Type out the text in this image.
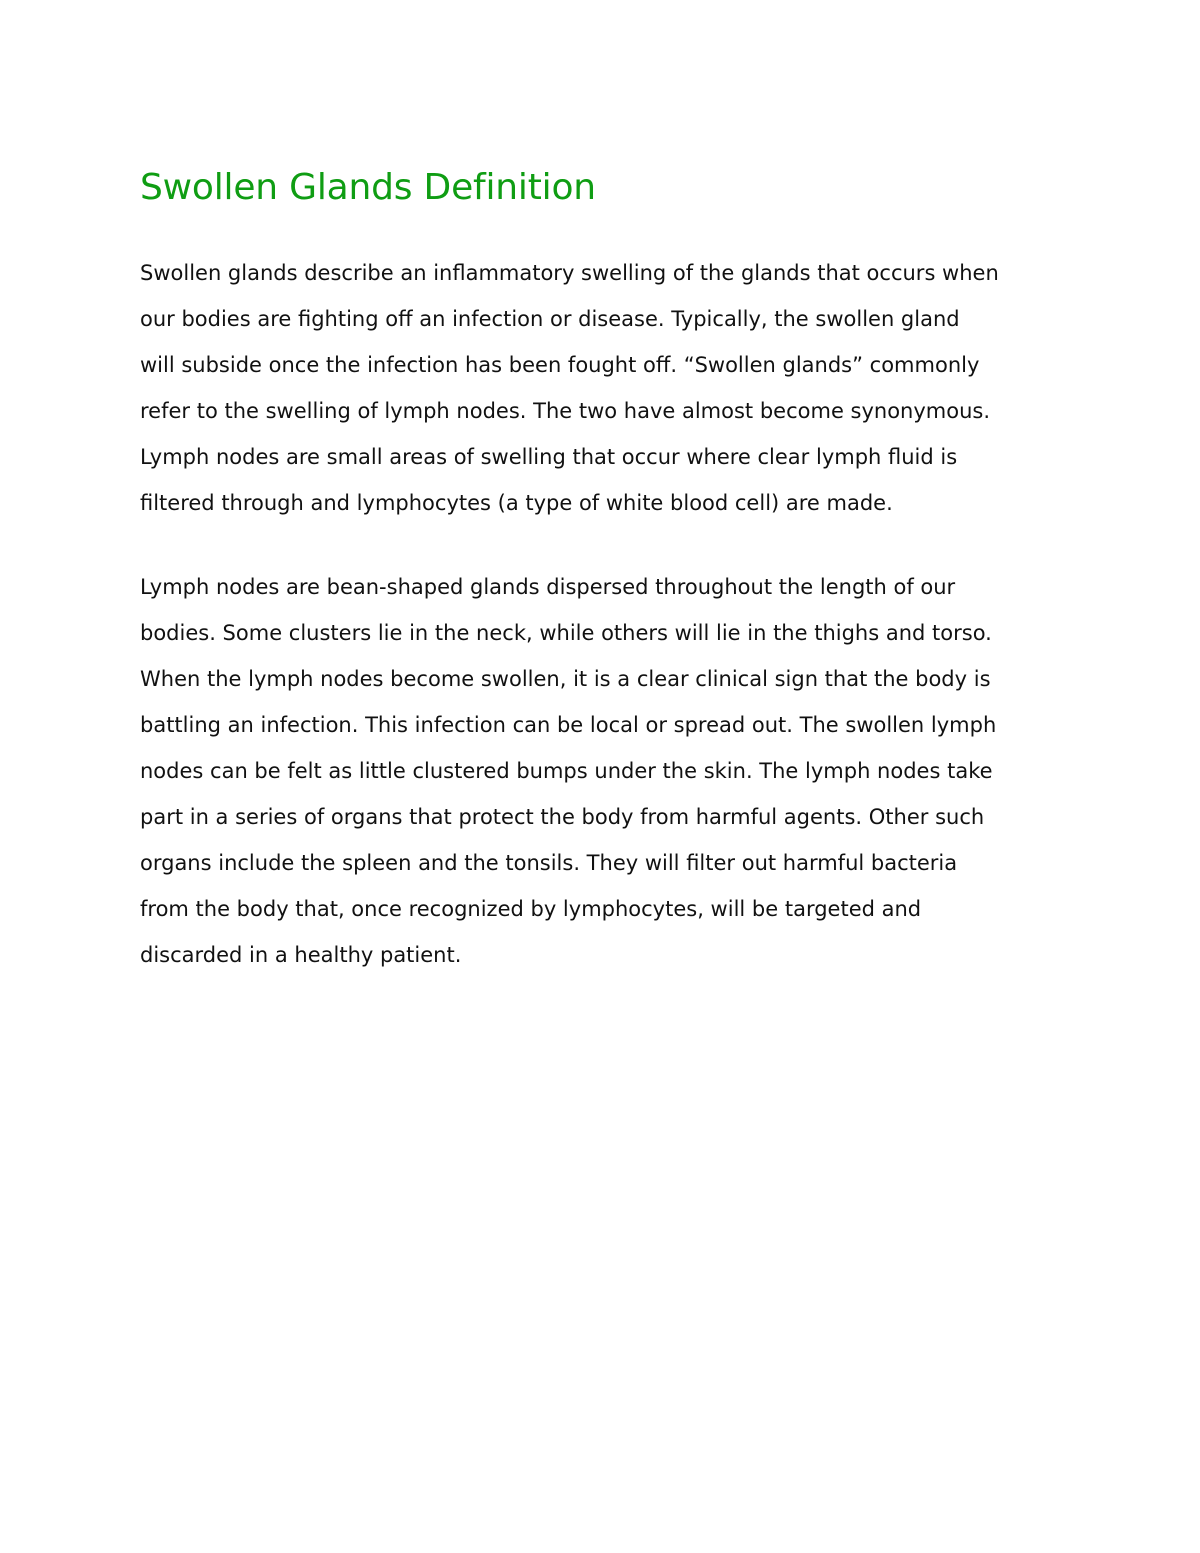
Swollen Glands Definition

Swollen glands describe an inflammatory swelling of the glands that occurs when
our bodies are fighting off an infection or disease. Typically, the swollen gland
will subside once the infection has been fought off. “Swollen glands” commonly
refer to the swelling of lymph nodes. The two have almost become synonymous.
Lymph nodes are small areas of swelling that occur where clear lymph fluid is
filtered through and lymphocytes (a type of white blood cell) are made.

Lymph nodes are bean-shaped glands dispersed throughout the length of our
bodies. Some clusters lie in the neck, while others will lie in the thighs and torso.
When the lymph nodes become swollen, it is a clear clinical sign that the body is
battling an infection. This infection can be local or spread out. The swollen lymph
nodes can be felt as little clustered bumps under the skin. The lymph nodes take
part in a series of organs that protect the body from harmful agents. Other such
organs include the spleen and the tonsils. They will filter out harmful bacteria
from the body that, once recognized by lymphocytes, will be targeted and
discarded in a healthy patient.
